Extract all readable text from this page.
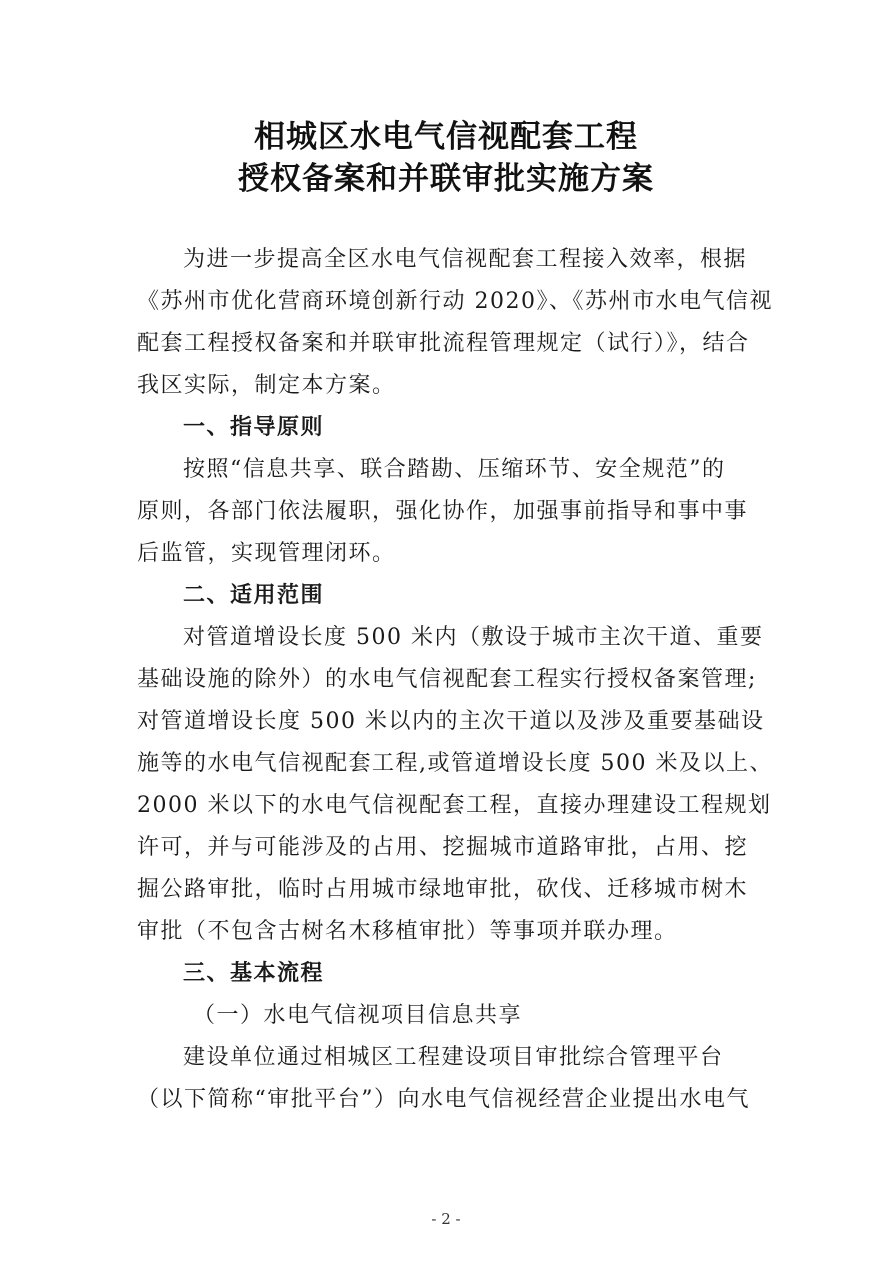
相城区水电气信视配套工程
授权备案和并联审批实施方案
为进一步提高全区水电气信视配套工程接入效率，根据
《苏州市优化营商环境创新行动 2020》、《苏州市水电气信视
配套工程授权备案和并联审批流程管理规定（试行）》，结合
我区实际，制定本方案。
一、指导原则
按照“信息共享、联合踏勘、压缩环节、安全规范”的
原则，各部门依法履职，强化协作，加强事前指导和事中事
后监管，实现管理闭环。
二、适用范围
对管道增设长度 500 米内（敷设于城市主次干道、重要
基础设施的除外）的水电气信视配套工程实行授权备案管理;
对管道增设长度 500 米以内的主次干道以及涉及重要基础设
施等的水电气信视配套工程,或管道增设长度 500 米及以上、
2000 米以下的水电气信视配套工程，直接办理建设工程规划
许可，并与可能涉及的占用、挖掘城市道路审批，占用、挖
掘公路审批，临时占用城市绿地审批，砍伐、迁移城市树木
审批（不包含古树名木移植审批）等事项并联办理。
三、基本流程
（一）水电气信视项目信息共享
建设单位通过相城区工程建设项目审批综合管理平台
（以下简称“审批平台”）向水电气信视经营企业提出水电气
- 2 -
